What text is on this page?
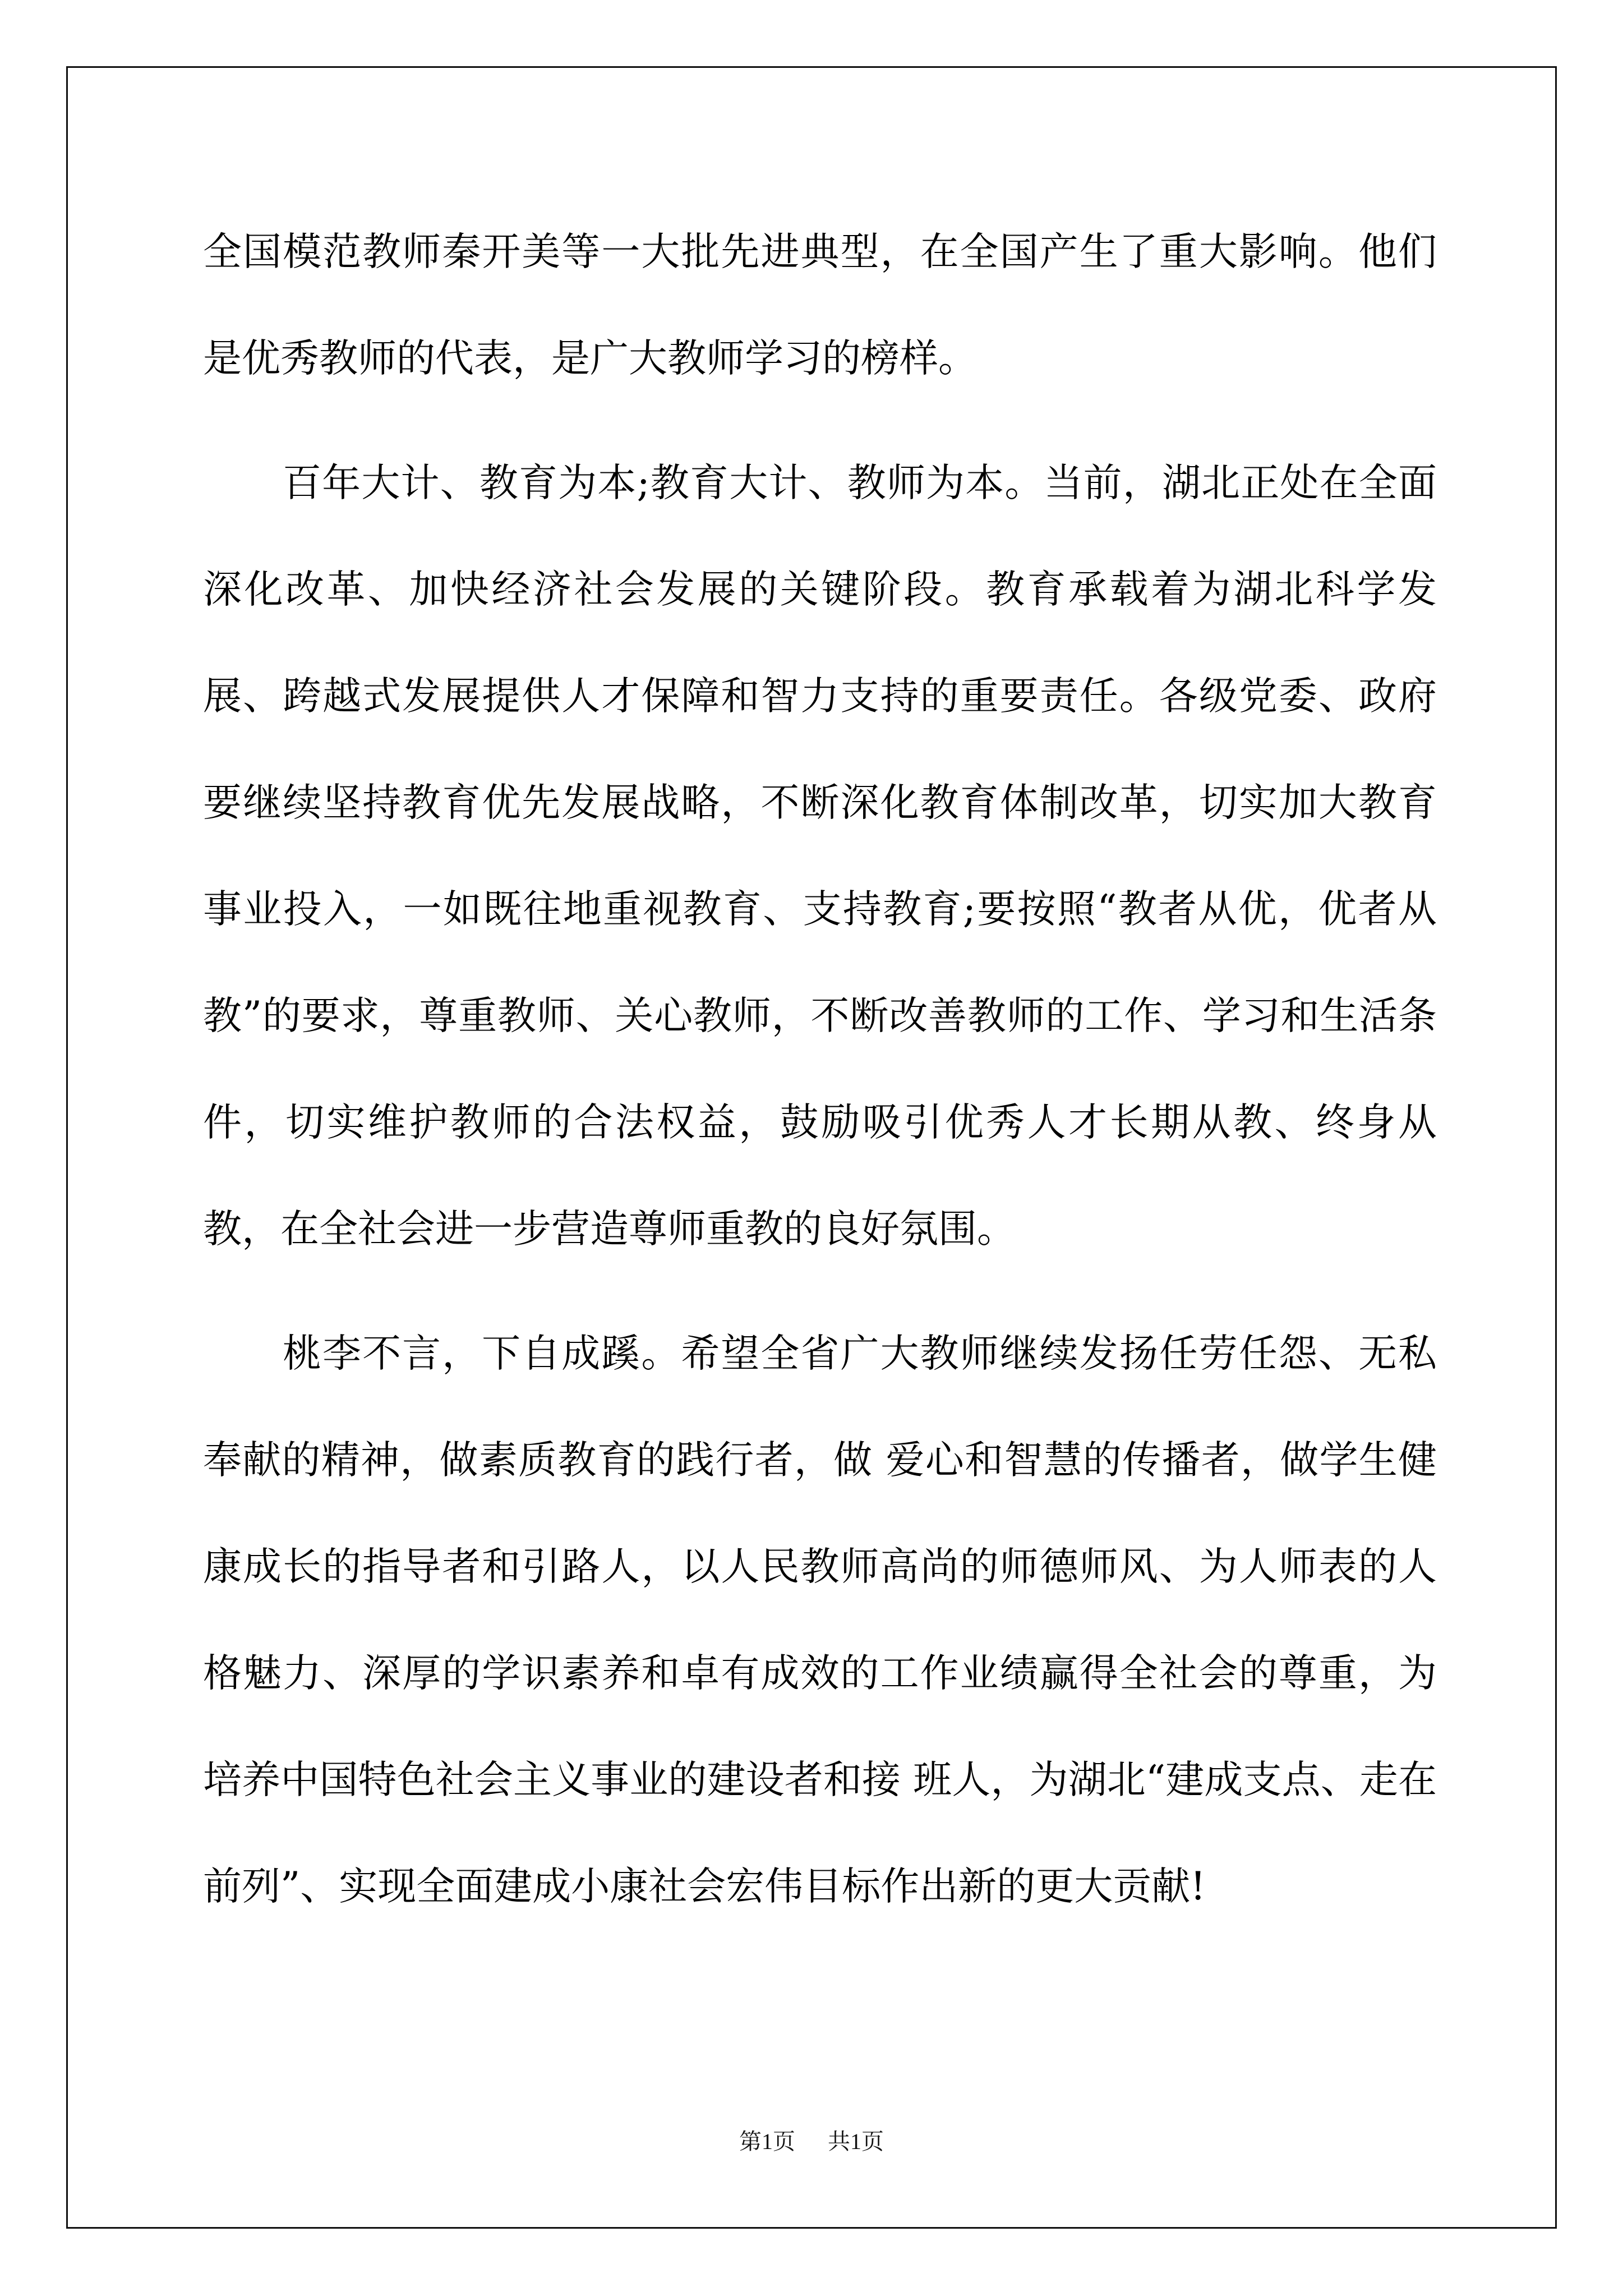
全国模范教师秦开美等一大批先进典型，在全国产生了重大影响。他们是优秀教师的代表，是广大教师学习的榜样。

百年大计、教育为本;教育大计、教师为本。当前，湖北正处在全面深化改革、加快经济社会发展的关键阶段。教育承载着为湖北科学发展、跨越式发展提供人才保障和智力支持的重要责任。各级党委、政府要继续坚持教育优先发展战略，不断深化教育体制改革，切实加大教育事业投入，一如既往地重视教育、支持教育;要按照“教者从优，优者从教”的要求，尊重教师、关心教师，不断改善教师的工作、学习和生活条件，切实维护教师的合法权益，鼓励吸引优秀人才长期从教、终身从教，在全社会进一步营造尊师重教的良好氛围。

桃李不言，下自成蹊。希望全省广大教师继续发扬任劳任怨、无私奉献的精神，做素质教育的践行者，做 爱心和智慧的传播者，做学生健康成长的指导者和引路人，以人民教师高尚的师德师风、为人师表的人格魅力、深厚的学识素养和卓有成效的工作业绩赢得全社会的尊重，为培养中国特色社会主义事业的建设者和接 班人，为湖北“建成支点、走在前列”、实现全面建成小康社会宏伟目标作出新的更大贡献!

第1页 共1页
